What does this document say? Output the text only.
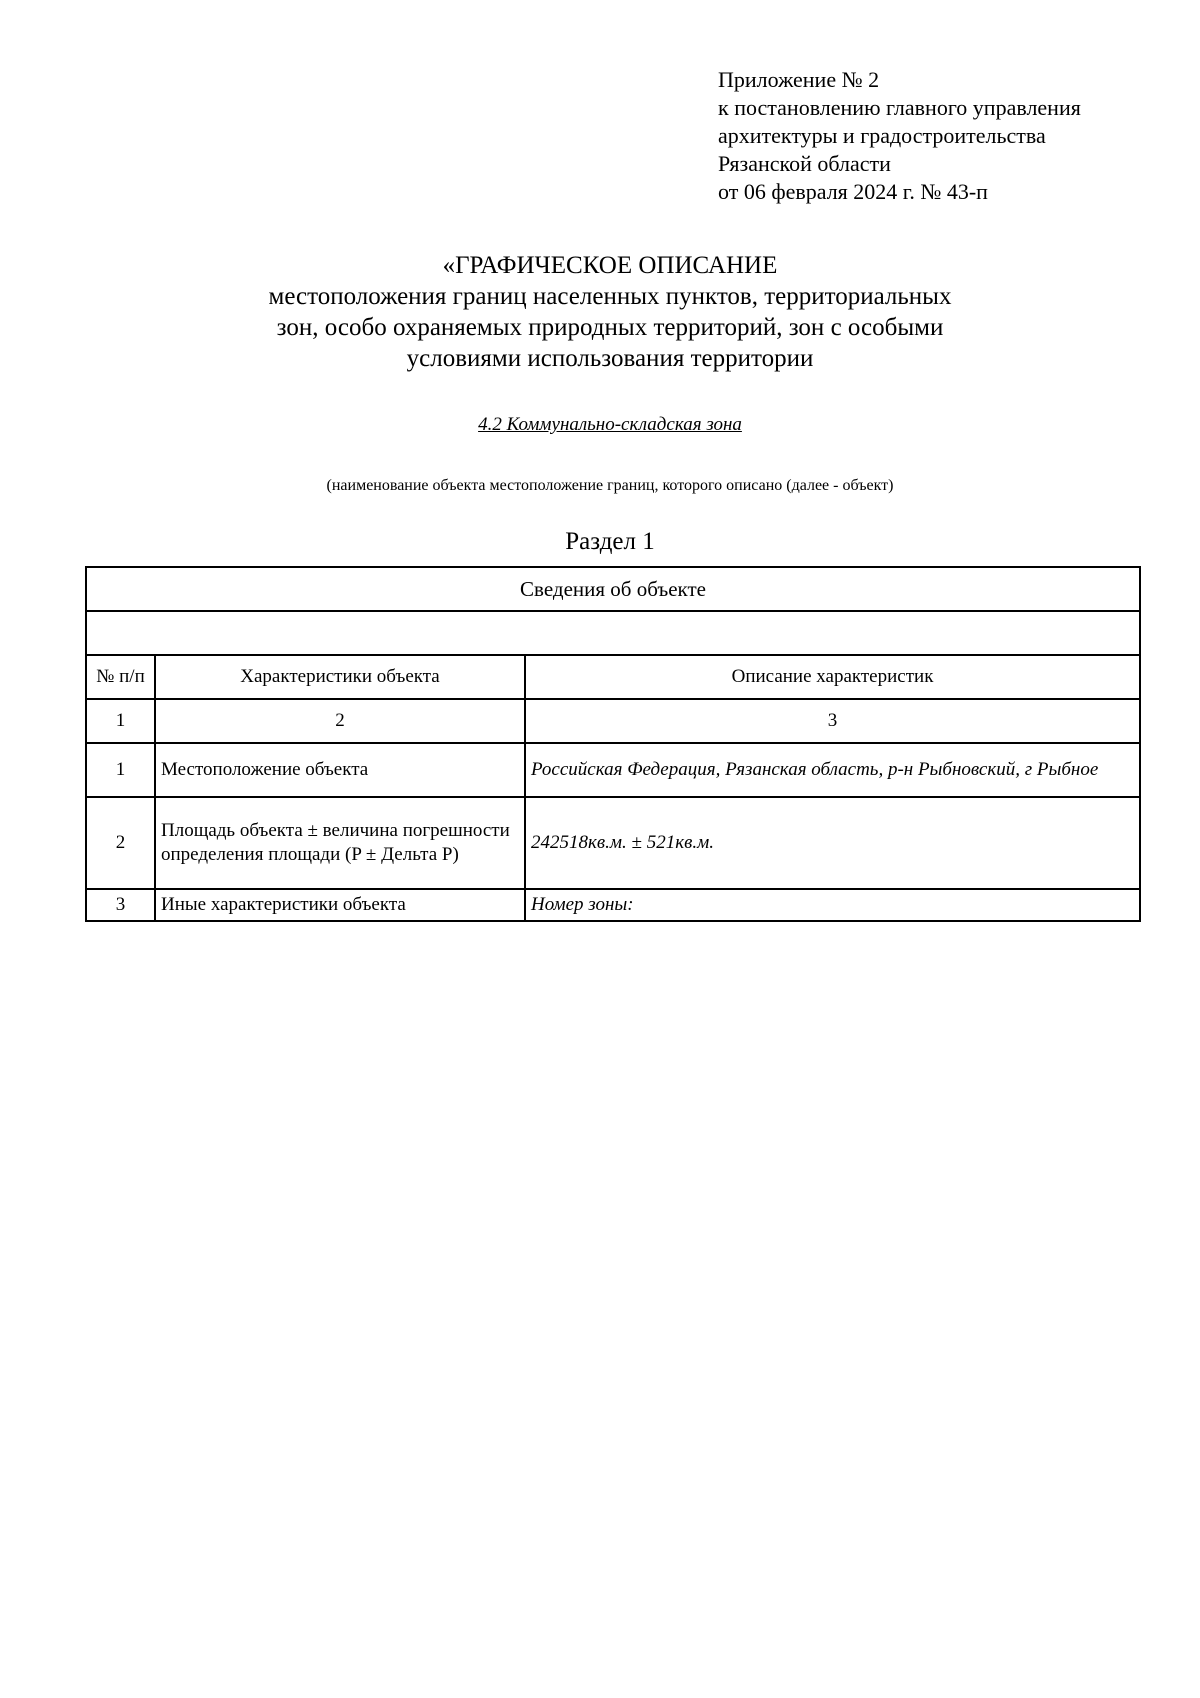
Приложение № 2
к постановлению главного управления
архитектуры и градостроительства
Рязанской области
от 06 февраля 2024 г. № 43-п
«ГРАФИЧЕСКОЕ ОПИСАНИЕ
местоположения границ населенных пунктов, территориальных
зон, особо охраняемых природных территорий, зон с особыми
условиями использования территории
4.2 Коммунально-складская зона
(наименование объекта местоположение границ, которого описано (далее - объект)
Раздел 1
Сведения об объекте		

№ п/п	Характеристики объекта	Описание характеристик
1	2	3
1	Местоположение объекта	Российская Федерация, Рязанская область, р-н Рыбновский, г Рыбное
2	Площадь объекта ± величина погрешности определения площади (P ± Дельта P)	242518кв.м. ± 521кв.м.
3	Иные характеристики объекта	Номер зоны:
